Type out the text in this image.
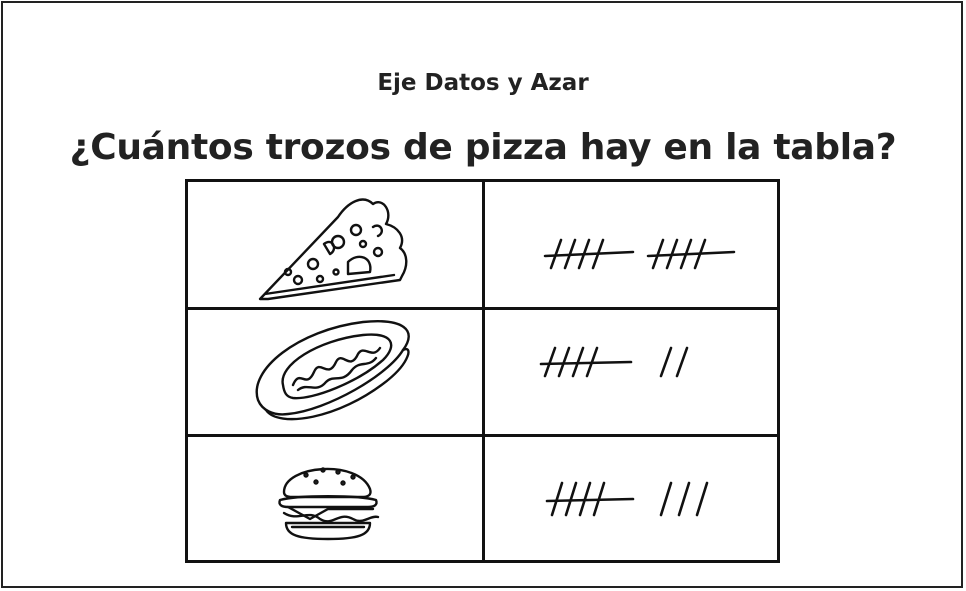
Eje Datos y Azar
¿Cuántos trozos de pizza hay en la tabla?
